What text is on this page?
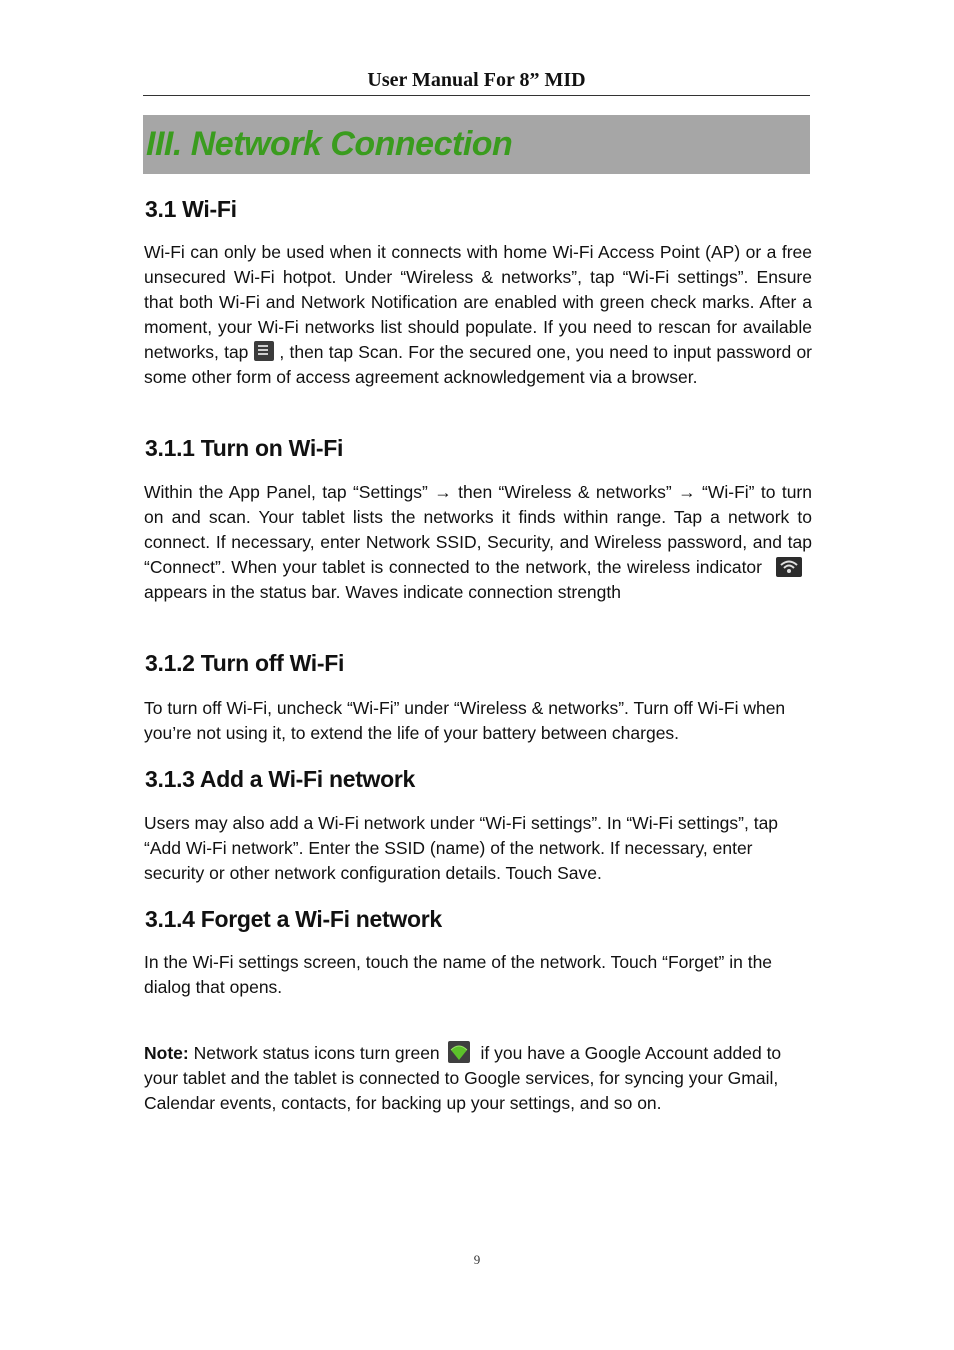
User Manual For 8” MID
III. Network Connection
3.1 Wi-Fi

Wi-Fi can only be used when it connects with home Wi-Fi Access Point (AP) or a free unsecured Wi-Fi hotpot. Under “Wireless & networks”, tap “Wi-Fi settings”. Ensure that both Wi-Fi and Network Notification are enabled with green check marks. After a moment, your Wi-Fi networks list should populate. If you need to rescan for available networks, tap , then tap Scan. For the secured one, you need to input password or some other form of access agreement acknowledgement via a browser.

3.1.1 Turn on Wi-Fi

Within the App Panel, tap “Settings” → then “Wireless & networks” → “Wi-Fi” to turn on and scan. Your tablet lists the networks it finds within range. Tap a network to connect. If necessary, enter Network SSID, Security, and Wireless password, and tap “Connect”. When your tablet is connected to the network, the wireless indicator
appears in the status bar. Waves indicate connection strength

3.1.2 Turn off Wi-Fi

To turn off Wi-Fi, uncheck “Wi-Fi” under “Wireless & networks”. Turn off Wi-Fi when you’re not using it, to extend the life of your battery between charges.

3.1.3 Add a Wi-Fi network

Users may also add a Wi-Fi network under “Wi-Fi settings”. In “Wi-Fi settings”, tap “Add Wi-Fi network”. Enter the SSID (name) of the network. If necessary, enter security or other network configuration details. Touch Save.

3.1.4 Forget a Wi-Fi network

In the Wi-Fi settings screen, touch the name of the network. Touch “Forget” in the dialog that opens.

Note: Network status icons turn green
if you have a Google Account added to your tablet and the tablet is connected to Google services, for syncing your Gmail, Calendar events, contacts, for backing up your settings, and so on.

9
